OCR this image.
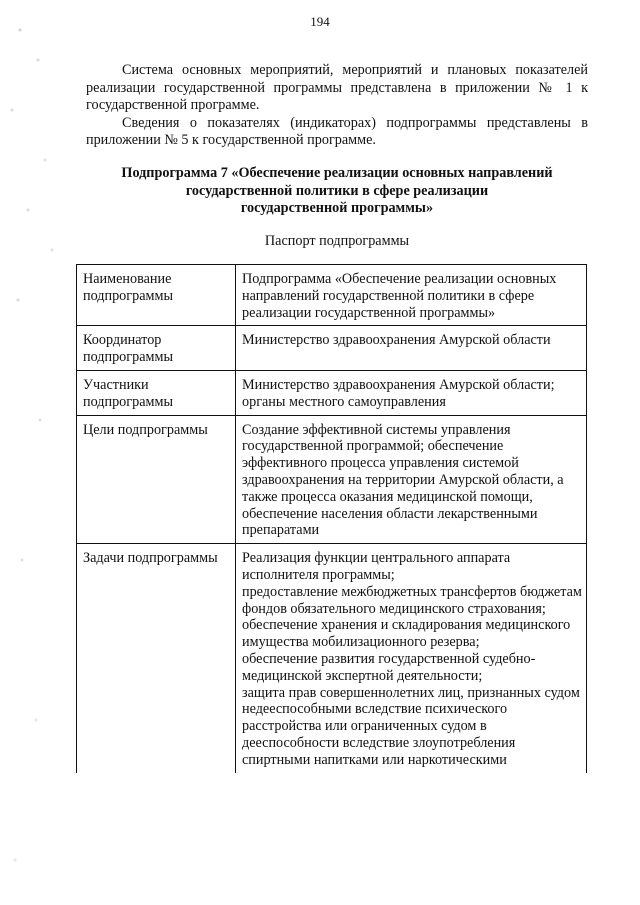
194

Система основных мероприятий, мероприятий и плановых показателей реализации государственной программы представлена в приложении № 1 к государственной программе.

Сведения о показателях (индикаторах) подпрограммы представлены в приложении № 5 к государственной программе.

Подпрограмма 7 «Обеспечение реализации основных направлений
государственной политики в сфере реализации
государственной программы»
Паспорт подпрограммы
Наименование подпрограммы	Подпрограмма «Обеспечение реализации основных направлений государственной политики в сфере реализации государственной программы»
Координатор подпрограммы	Министерство здравоохранения Амурской области
Участники подпрограммы	Министерство здравоохранения Амурской области; органы местного самоуправления
Цели подпрограммы	Создание эффективной системы управления государственной программой; обеспечение эффективного процесса управления системой здравоохранения на территории Амурской области, а также процесса оказания медицинской помощи, обеспечение населения области лекарственными препаратами
Задачи подпрограммы	Реализация функции центрального аппарата исполнителя программы;
предоставление межбюджетных трансфертов бюджетам фондов обязательного медицинского страхования;
обеспечение хранения и складирования медицинского имущества мобилизационного резерва;
обеспечение развития государственной судебно-медицинской экспертной деятельности;
защита прав совершеннолетних лиц, признанных судом недееспособными вследствие психического расстройства или ограниченных судом в дееспособности вследствие злоупотребления спиртными напитками или наркотическими
